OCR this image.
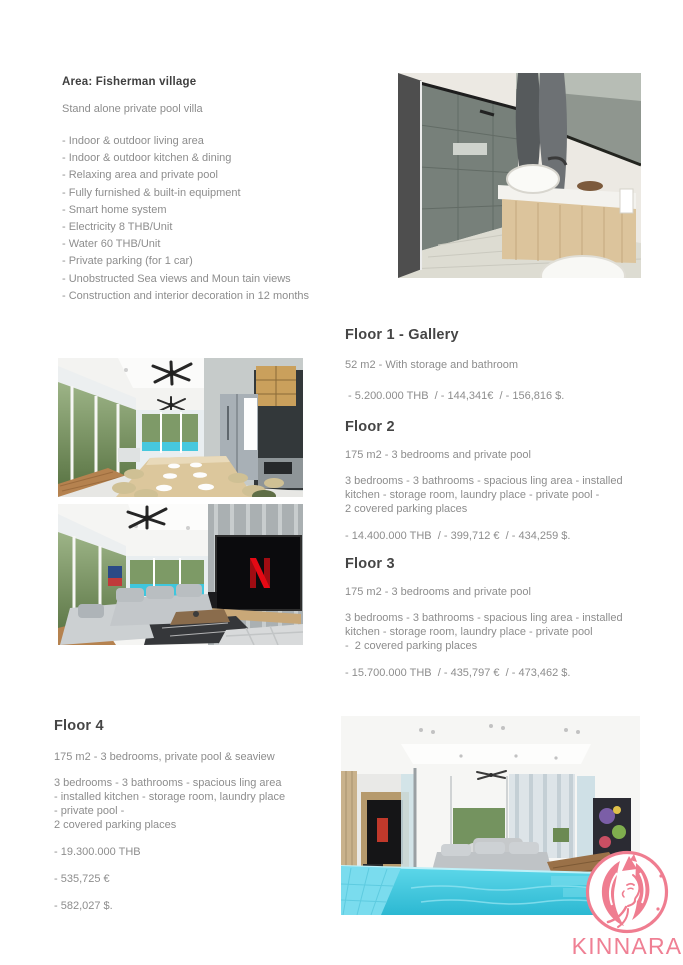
Area: Fisherman village
Stand alone private pool villa
- Indoor & outdoor living area
- Indoor & outdoor kitchen & dining
- Relaxing area and private pool
- Fully furnished & built-in equipment
- Smart home system
- Electricity 8 THB/Unit
- Water 60 THB/Unit
- Private parking (for 1 car)
- Unobstructed Sea views and Moun tain views
- Construction and interior decoration in 12 months
Floor 1 - Gallery
52 m2 - With storage and bathroom
- 5.200.000 THB  / - 144,341€  / - 156,816 $.
Floor 2
175 m2 - 3 bedrooms and private pool
3 bedrooms - 3 bathrooms - spacious ling area - installed
kitchen - storage room, laundry place - private pool -
2 covered parking places
- 14.400.000 THB  / - 399,712 €  / - 434,259 $.
Floor 3
175 m2 - 3 bedrooms and private pool
3 bedrooms - 3 bathrooms - spacious ling area - installed
kitchen - storage room, laundry place - private pool
-  2 covered parking places
- 15.700.000 THB  / - 435,797 €  / - 473,462 $.
Floor 4
175 m2 - 3 bedrooms, private pool & seaview
3 bedrooms - 3 bathrooms - spacious ling area
- installed kitchen - storage room, laundry place
- private pool -
2 covered parking places
- 19.300.000 THB
- 535,725 €
- 582,027 $.
KINNARA
